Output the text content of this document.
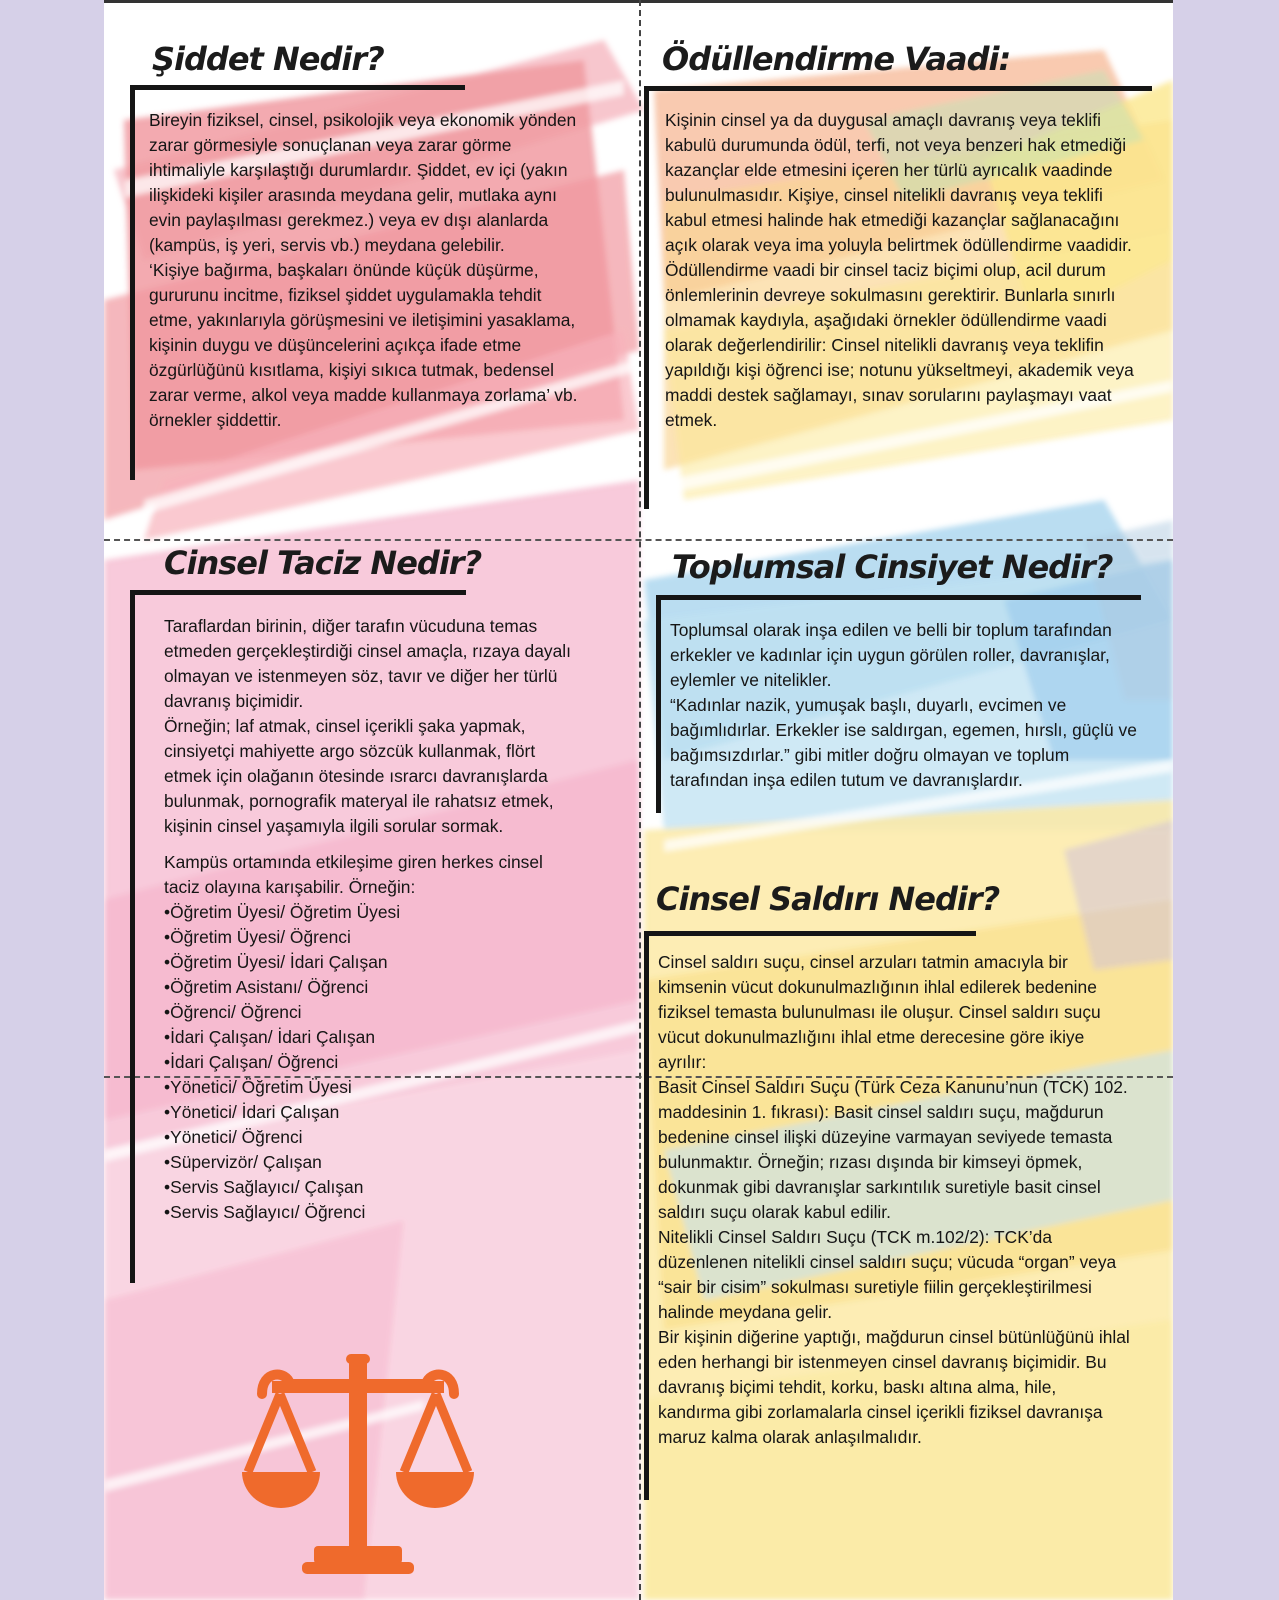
Şiddet Nedir?

Bireyin fiziksel, cinsel, psikolojik veya ekonomik yönden zarar görmesiyle sonuçlanan veya zarar görme ihtimaliyle karşılaştığı durumlardır. Şiddet, ev içi (yakın ilişkideki kişiler arasında meydana gelir, mutlaka aynı evin paylaşılması gerekmez.) veya ev dışı alanlarda (kampüs, iş yeri, servis vb.) meydana gelebilir.

‘Kişiye bağırma, başkaları önünde küçük düşürme, gururunu incitme, fiziksel şiddet uygulamakla tehdit etme, yakınlarıyla görüşmesini ve iletişimini yasaklama, kişinin duygu ve düşüncelerini açıkça ifade etme özgürlüğünü kısıtlama, kişiyi sıkıca tutmak, bedensel zarar verme, alkol veya madde kullanmaya zorlama’ vb. örnekler şiddettir.

Ödüllendirme Vaadi:

Kişinin cinsel ya da duygusal amaçlı davranış veya teklifi kabulü durumunda ödül, terfi, not veya benzeri hak etmediği kazançlar elde etmesini içeren her türlü ayrıcalık vaadinde bulunulmasıdır. Kişiye, cinsel nitelikli davranış veya teklifi kabul etmesi halinde hak etmediği kazançlar sağlanacağını açık olarak veya ima yoluyla belirtmek ödüllendirme vaadidir. Ödüllendirme vaadi bir cinsel taciz biçimi olup, acil durum önlemlerinin devreye sokulmasını gerektirir. Bunlarla sınırlı olmamak kaydıyla, aşağıdaki örnekler ödüllendirme vaadi olarak değerlendirilir: Cinsel nitelikli davranış veya teklifin yapıldığı kişi öğrenci ise; notunu yükseltmeyi, akademik veya maddi destek sağlamayı, sınav sorularını paylaşmayı vaat etmek.

Cinsel Taciz Nedir?

Taraflardan birinin, diğer tarafın vücuduna temas etmeden gerçekleştirdiği cinsel amaçla, rızaya dayalı olmayan ve istenmeyen söz, tavır ve diğer her türlü davranış biçimidir.

Örneğin; laf atmak, cinsel içerikli şaka yapmak, cinsiyetçi mahiyette argo sözcük kullanmak, flört etmek için olağanın ötesinde ısrarcı davranışlarda bulunmak, pornografik materyal ile rahatsız etmek, kişinin cinsel yaşamıyla ilgili sorular sormak.

Kampüs ortamında etkileşime giren herkes cinsel taciz olayına karışabilir. Örneğin:

• Öğretim Üyesi/ Öğretim Üyesi
• Öğretim Üyesi/ Öğrenci
• Öğretim Üyesi/ İdari Çalışan
• Öğretim Asistanı/ Öğrenci
• Öğrenci/ Öğrenci
• İdari Çalışan/ İdari Çalışan
• İdari Çalışan/ Öğrenci
• Yönetici/ Öğretim Üyesi
• Yönetici/ İdari Çalışan
• Yönetici/ Öğrenci
• Süpervizör/ Çalışan
• Servis Sağlayıcı/ Çalışan
• Servis Sağlayıcı/ Öğrenci
Toplumsal Cinsiyet Nedir?

Toplumsal olarak inşa edilen ve belli bir toplum tarafından erkekler ve kadınlar için uygun görülen roller, davranışlar, eylemler ve nitelikler.

“Kadınlar nazik, yumuşak başlı, duyarlı, evcimen ve bağımlıdırlar. Erkekler ise saldırgan, egemen, hırslı, güçlü ve bağımsızdırlar.” gibi mitler doğru olmayan ve toplum tarafından inşa edilen tutum ve davranışlardır.

Cinsel Saldırı Nedir?

Cinsel saldırı suçu, cinsel arzuları tatmin amacıyla bir kimsenin vücut dokunulmazlığının ihlal edilerek bedenine fiziksel temasta bulunulması ile oluşur. Cinsel saldırı suçu vücut dokunulmazlığını ihlal etme derecesine göre ikiye ayrılır:

Basit Cinsel Saldırı Suçu (Türk Ceza Kanunu’nun (TCK) 102. maddesinin 1. fıkrası): Basit cinsel saldırı suçu, mağdurun bedenine cinsel ilişki düzeyine varmayan seviyede temasta bulunmaktır. Örneğin; rızası dışında bir kimseyi öpmek, dokunmak gibi davranışlar sarkıntılık suretiyle basit cinsel saldırı suçu olarak kabul edilir.

Nitelikli Cinsel Saldırı Suçu (TCK m.102/2): TCK’da düzenlenen nitelikli cinsel saldırı suçu; vücuda “organ” veya “sair bir cisim” sokulması suretiyle fiilin gerçekleştirilmesi halinde meydana gelir.

Bir kişinin diğerine yaptığı, mağdurun cinsel bütünlüğünü ihlal eden herhangi bir istenmeyen cinsel davranış biçimidir. Bu davranış biçimi tehdit, korku, baskı altına alma, hile, kandırma gibi zorlamalarla cinsel içerikli fiziksel davranışa maruz kalma olarak anlaşılmalıdır.
